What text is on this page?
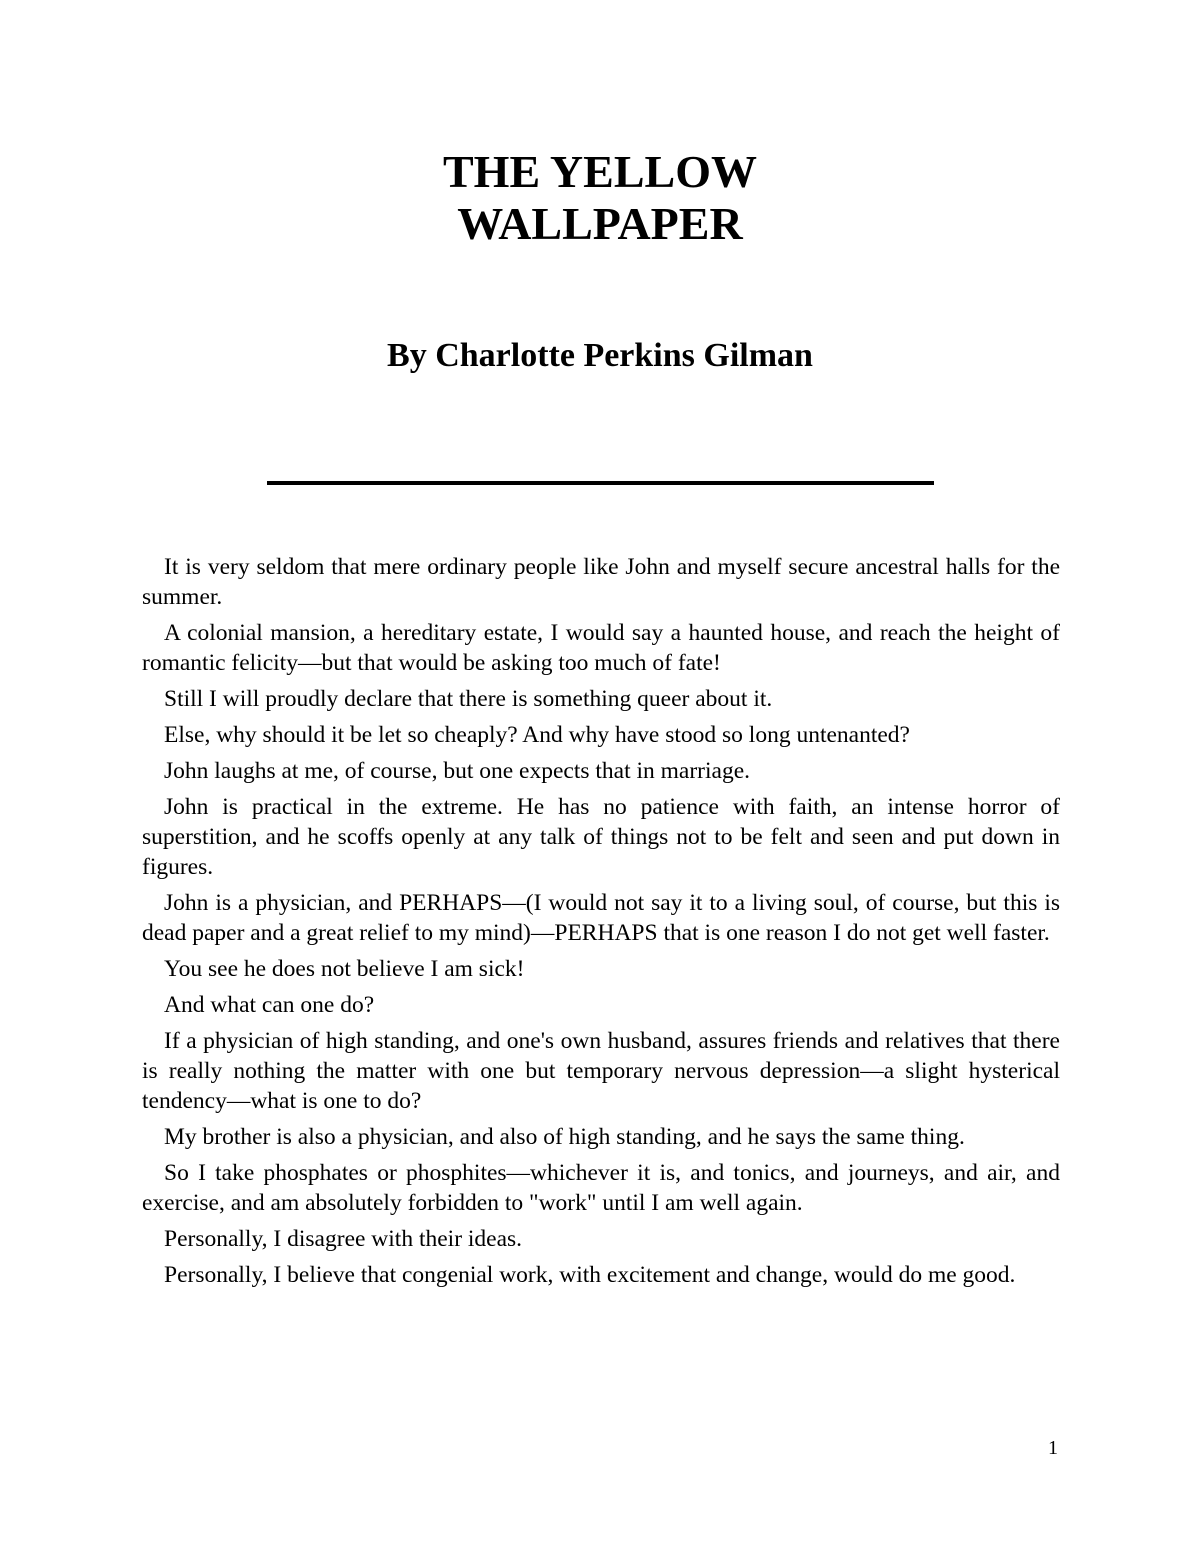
THE YELLOW
WALLPAPER
By Charlotte Perkins Gilman

It is very seldom that mere ordinary people like John and myself secure ancestral halls for the summer.

A colonial mansion, a hereditary estate, I would say a haunted house, and reach the height of romantic felicity—but that would be asking too much of fate!

Still I will proudly declare that there is something queer about it.

Else, why should it be let so cheaply? And why have stood so long untenanted?

John laughs at me, of course, but one expects that in marriage.

John is practical in the extreme. He has no patience with faith, an intense horror of superstition, and he scoffs openly at any talk of things not to be felt and seen and put down in figures.

John is a physician, and PERHAPS—(I would not say it to a living soul, of course, but this is dead paper and a great relief to my mind)—PERHAPS that is one reason I do not get well faster.

You see he does not believe I am sick!

And what can one do?

If a physician of high standing, and one's own husband, assures friends and relatives that there is really nothing the matter with one but temporary nervous depression—a slight hysterical tendency—what is one to do?

My brother is also a physician, and also of high standing, and he says the same thing.

So I take phosphates or phosphites—whichever it is, and tonics, and journeys, and air, and exercise, and am absolutely forbidden to "work" until I am well again.

Personally, I disagree with their ideas.

Personally, I believe that congenial work, with excitement and change, would do me good.

1
